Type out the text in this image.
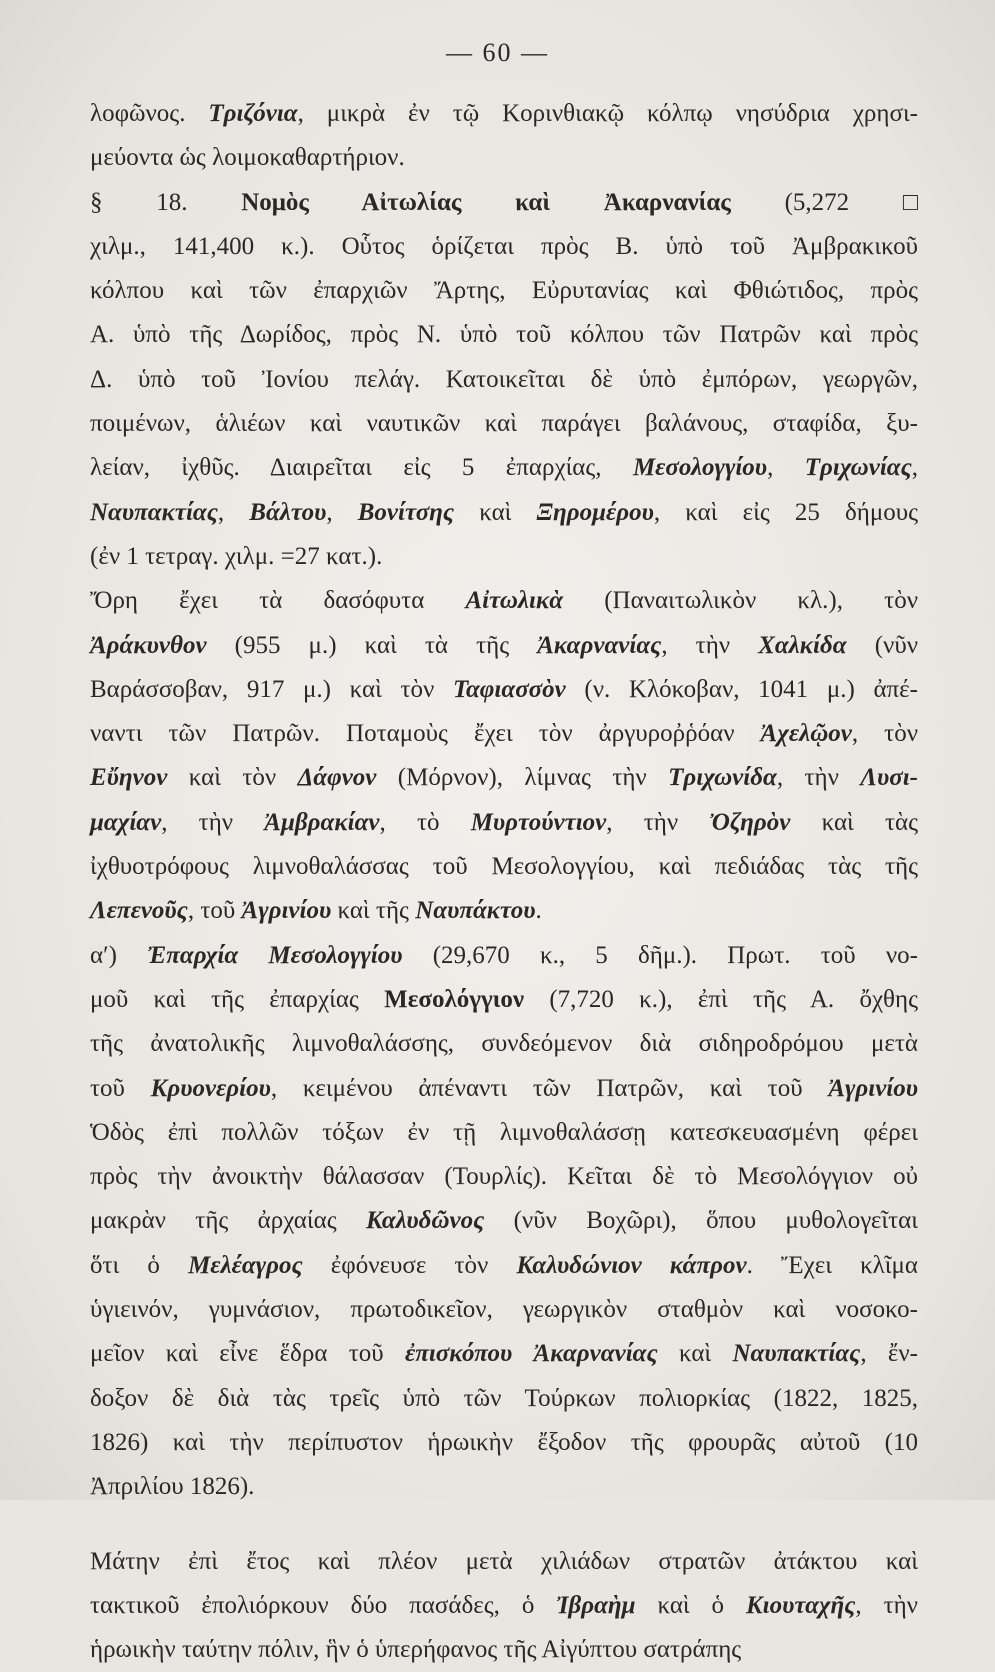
— 60 —
λοφῶνος. Τριζόνια, μικρὰ ἐν τῷ Κορινθιακῷ κόλπῳ νησύδρια χρησι-
μεύοντα ὡς λοιμοκαθαρτήριον.
§ 18. Νομὸς Αἰτωλίας καὶ Ἀκαρνανίας (5,272 □
χιλμ., 141,400 κ.). Οὗτος ὁρίζεται πρὸς Β. ὑπὸ τοῦ Ἀμβρακικοῦ
κόλπου καὶ τῶν ἐπαρχιῶν Ἄρτης, Εὐρυτανίας καὶ Φθιώτιδος, πρὸς
Α. ὑπὸ τῆς Δωρίδος, πρὸς Ν. ὑπὸ τοῦ κόλπου τῶν Πατρῶν καὶ πρὸς
Δ. ὑπὸ τοῦ Ἰονίου πελάγ. Κατοικεῖται δὲ ὑπὸ ἐμπόρων, γεωργῶν,
ποιμένων, ἁλιέων καὶ ναυτικῶν καὶ παράγει βαλάνους, σταφίδα, ξυ-
λείαν, ἰχθῦς. Διαιρεῖται εἰς 5 ἐπαρχίας, Μεσολογγίου, Τριχωνίας,
Ναυπακτίας, Βάλτου, Βονίτσης καὶ Ξηρομέρου, καὶ εἰς 25 δήμους
(ἐν 1 τετραγ. χιλμ. =27 κατ.).
Ὄρη ἔχει τὰ δασόφυτα Αἰτωλικὰ (Παναιτωλικὸν κλ.), τὸν
Ἀράκυνθον (955 μ.) καὶ τὰ τῆς Ἀκαρνανίας, τὴν Χαλκίδα (νῦν
Βαράσσοβαν, 917 μ.) καὶ τὸν Ταφιασσὸν (ν. Κλόκοβαν, 1041 μ.) ἀπέ-
ναντι τῶν Πατρῶν. Ποταμοὺς ἔχει τὸν ἀργυροῤῥόαν Ἀχελῷον, τὸν
Εὔηνον καὶ τὸν Δάφνον (Μόρνον), λίμνας τὴν Τριχωνίδα, τὴν Λυσι-
μαχίαν, τὴν Ἀμβρακίαν, τὸ Μυρτούντιον, τὴν Ὀζηρὸν καὶ τὰς
ἰχθυοτρόφους λιμνοθαλάσσας τοῦ Μεσολογγίου, καὶ πεδιάδας τὰς τῆς
Λεπενοῦς, τοῦ Ἀγρινίου καὶ τῆς Ναυπάκτου.
α′) Ἐπαρχία Μεσολογγίου (29,670 κ., 5 δῆμ.). Πρωτ. τοῦ νο-
μοῦ καὶ τῆς ἐπαρχίας Μεσολόγγιον (7,720 κ.), ἐπὶ τῆς Α. ὄχθης
τῆς ἀνατολικῆς λιμνοθαλάσσης, συνδεόμενον διὰ σιδηροδρόμου μετὰ
τοῦ Κρυονερίου, κειμένου ἀπέναντι τῶν Πατρῶν, καὶ τοῦ Ἀγρινίου
Ὁδὸς ἐπὶ πολλῶν τόξων ἐν τῇ λιμνοθαλάσσῃ κατεσκευασμένη φέρει
πρὸς τὴν ἀνοικτὴν θάλασσαν (Τουρλίς). Κεῖται δὲ τὸ Μεσολόγγιον οὐ
μακρὰν τῆς ἀρχαίας Καλυδῶνος (νῦν Βοχῶρι), ὅπου μυθολογεῖται
ὅτι ὁ Μελέαγρος ἐφόνευσε τὸν Καλυδώνιον κάπρον. Ἔχει κλῖμα
ὑγιεινόν, γυμνάσιον, πρωτοδικεῖον, γεωργικὸν σταθμὸν καὶ νοσοκο-
μεῖον καὶ εἶνε ἕδρα τοῦ ἐπισκόπου Ἀκαρνανίας καὶ Ναυπακτίας, ἔν-
δοξον δὲ διὰ τὰς τρεῖς ὑπὸ τῶν Τούρκων πολιορκίας (1822, 1825,
1826) καὶ τὴν περίπυστον ἡρωικὴν ἔξοδον τῆς φρουρᾶς αὐτοῦ (10
Ἀπριλίου 1826).
Μάτην ἐπὶ ἔτος καὶ πλέον μετὰ χιλιάδων στρατῶν ἀτάκτου καὶ
τακτικοῦ ἐπολιόρκουν δύο πασάδες, ὁ Ἰβραὴμ καὶ ὁ Κιουταχῆς, τὴν
ἡρωικὴν ταύτην πόλιν, ἣν ὁ ὑπερήφανος τῆς Αἰγύπτου σατράπης
